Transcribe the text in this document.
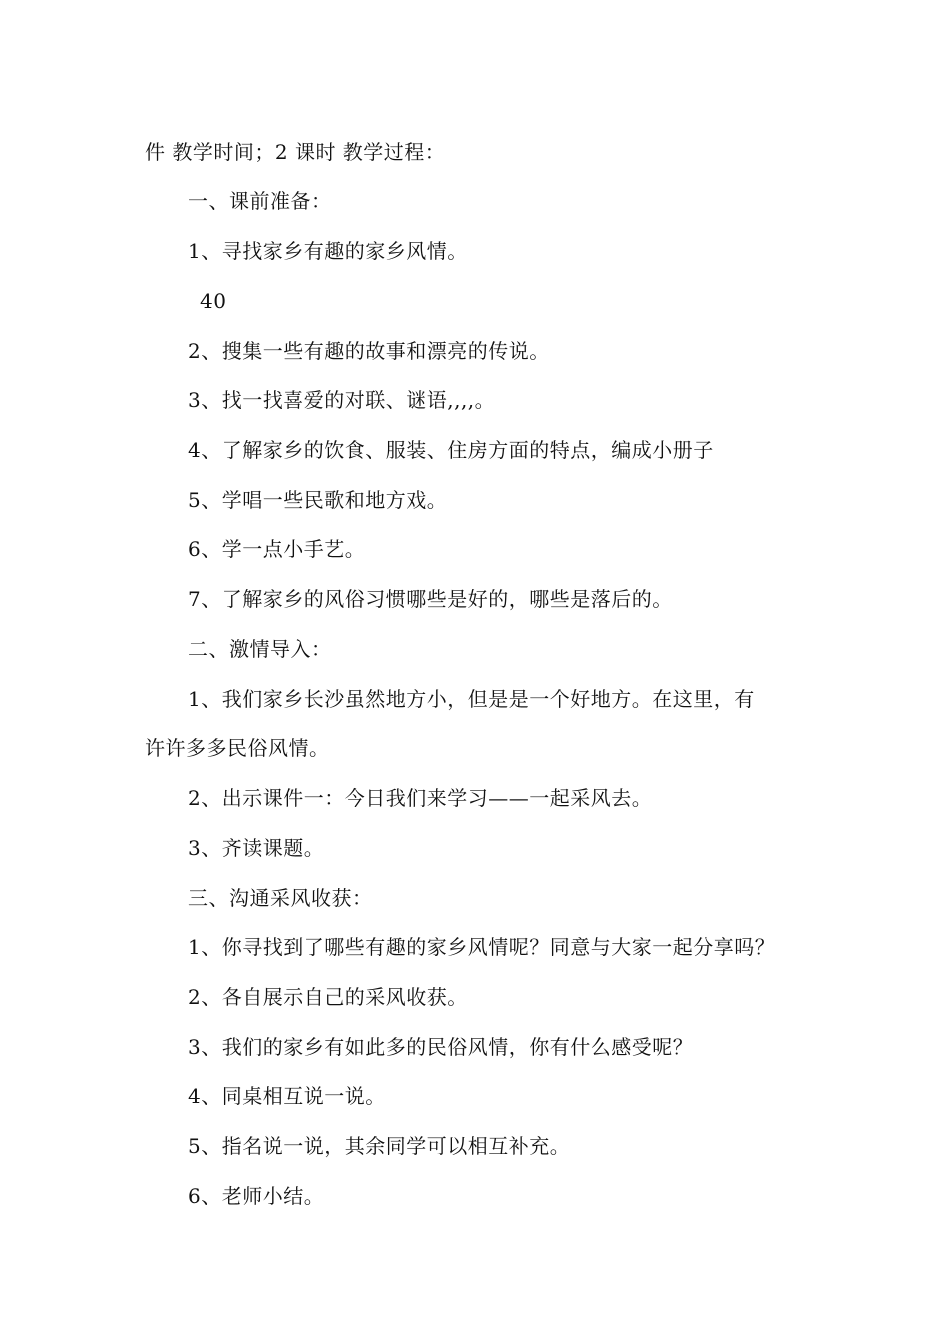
件 教学时间；2 课时 教学过程：
一、课前准备：
1、寻找家乡有趣的家乡风情。
40
2、搜集一些有趣的故事和漂亮的传说。
3、找一找喜爱的对联、谜语,,,,。
4、了解家乡的饮食、服装、住房方面的特点，编成小册子
5、学唱一些民歌和地方戏。
6、学一点小手艺。
7、了解家乡的风俗习惯哪些是好的，哪些是落后的。
二、激情导入：
1、我们家乡长沙虽然地方小，但是是一个好地方。在这里，有
许许多多民俗风情。
2、出示课件一：今日我们来学习——一起采风去。
3、齐读课题。
三、沟通采风收获：
1、你寻找到了哪些有趣的家乡风情呢？同意与大家一起分享吗？
2、各自展示自己的采风收获。
3、我们的家乡有如此多的民俗风情，你有什么感受呢？
4、同桌相互说一说。
5、指名说一说，其余同学可以相互补充。
6、老师小结。
